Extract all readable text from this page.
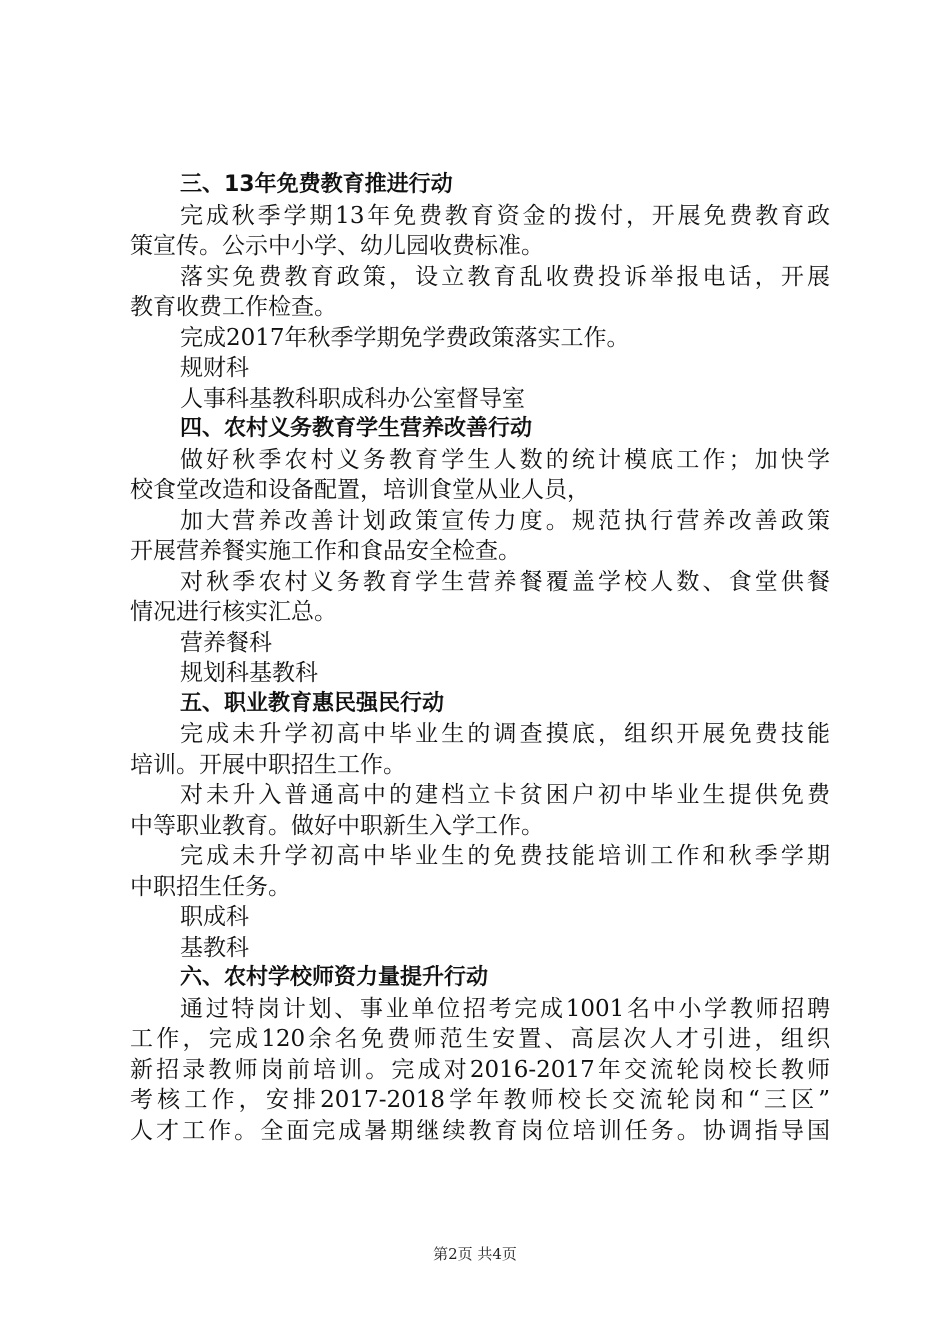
三、13年免费教育推进行动

完成秋季学期13年免费教育资金的拨付，开展免费教育政

策宣传。公示中小学、幼儿园收费标准。

落实免费教育政策，设立教育乱收费投诉举报电话，开展

教育收费工作检查。

完成2017年秋季学期免学费政策落实工作。

规财科

人事科基教科职成科办公室督导室

四、农村义务教育学生营养改善行动

做好秋季农村义务教育学生人数的统计模底工作；加快学

校食堂改造和设备配置，培训食堂从业人员，

加大营养改善计划政策宣传力度。规范执行营养改善政策

开展营养餐实施工作和食品安全检查。

对秋季农村义务教育学生营养餐覆盖学校人数、食堂供餐

情况进行核实汇总。

营养餐科

规划科基教科

五、职业教育惠民强民行动

完成未升学初高中毕业生的调查摸底，组织开展免费技能

培训。开展中职招生工作。

对未升入普通高中的建档立卡贫困户初中毕业生提供免费

中等职业教育。做好中职新生入学工作。

完成未升学初高中毕业生的免费技能培训工作和秋季学期

中职招生任务。

职成科

基教科

六、农村学校师资力量提升行动

通过特岗计划、事业单位招考完成1001名中小学教师招聘

工作，完成120余名免费师范生安置、高层次人才引进，组织

新招录教师岗前培训。完成对2016-2017年交流轮岗校长教师

考核工作，安排2017-2018学年教师校长交流轮岗和“三区”

人才工作。全面完成暑期继续教育岗位培训任务。协调指导国

第2页 共4页
